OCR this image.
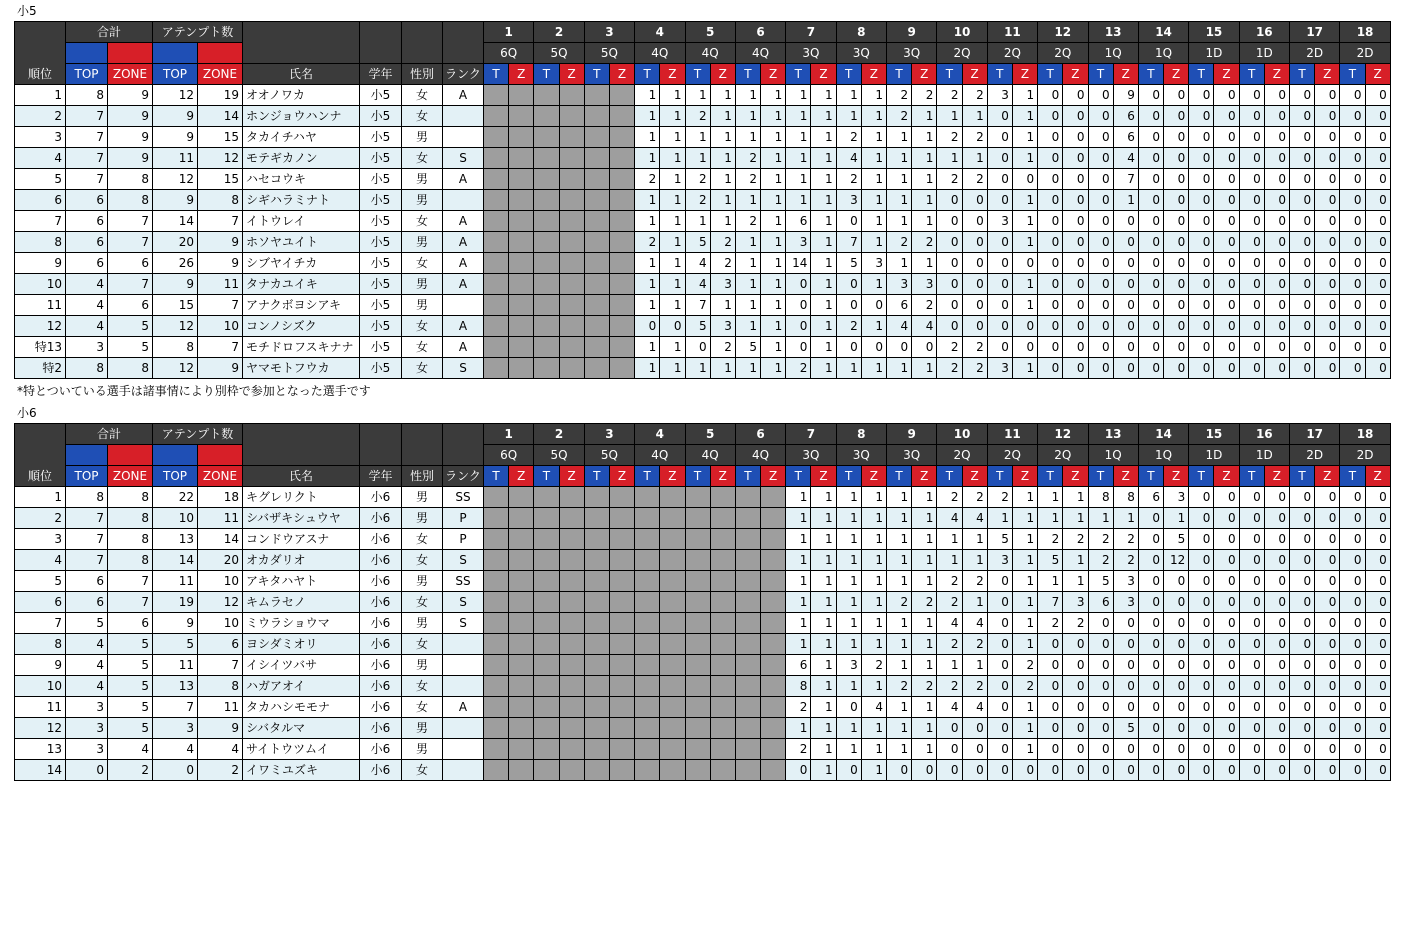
小5
順位	合計		アテンプト数						1		2		3		4		5		6		7		8		9		10		11		12		13		14		15		16		17		18	
									6Q		5Q		5Q		4Q		4Q		4Q		3Q		3Q		3Q		2Q		2Q		2Q		1Q		1Q		1D		1D		2D		2D	
	TOP	ZONE	TOP	ZONE	氏名	学年	性別	ランク	T	Z	T	Z	T	Z	T	Z	T	Z	T	Z	T	Z	T	Z	T	Z	T	Z	T	Z	T	Z	T	Z	T	Z	T	Z	T	Z	T	Z	T	Z
1	8	9	12	19	オオノワカ	小5	女	A							1	1	1	1	1	1	1	1	1	1	2	2	2	2	3	1	0	0	0	9	0	0	0	0	0	0	0	0	0	0
2	7	9	9	14	ホンジョウハンナ	小5	女								1	1	2	1	1	1	1	1	1	1	2	1	1	1	0	1	0	0	0	6	0	0	0	0	0	0	0	0	0	0
3	7	9	9	15	タカイチハヤ	小5	男								1	1	1	1	1	1	1	1	2	1	1	1	2	2	0	1	0	0	0	6	0	0	0	0	0	0	0	0	0	0
4	7	9	11	12	モテギカノン	小5	女	S							1	1	1	1	2	1	1	1	4	1	1	1	1	1	0	1	0	0	0	4	0	0	0	0	0	0	0	0	0	0
5	7	8	12	15	ハセコウキ	小5	男	A							2	1	2	1	2	1	1	1	2	1	1	1	2	2	0	0	0	0	0	7	0	0	0	0	0	0	0	0	0	0
6	6	8	9	8	シギハラミナト	小5	男								1	1	2	1	1	1	1	1	3	1	1	1	0	0	0	1	0	0	0	1	0	0	0	0	0	0	0	0	0	0
7	6	7	14	7	イトウレイ	小5	女	A							1	1	1	1	2	1	6	1	0	1	1	1	0	0	3	1	0	0	0	0	0	0	0	0	0	0	0	0	0	0
8	6	7	20	9	ホソヤユイト	小5	男	A							2	1	5	2	1	1	3	1	7	1	2	2	0	0	0	1	0	0	0	0	0	0	0	0	0	0	0	0	0	0
9	6	6	26	9	シブヤイチカ	小5	女	A							1	1	4	2	1	1	14	1	5	3	1	1	0	0	0	0	0	0	0	0	0	0	0	0	0	0	0	0	0	0
10	4	7	9	11	タナカユイキ	小5	男	A							1	1	4	3	1	1	0	1	0	1	3	3	0	0	0	1	0	0	0	0	0	0	0	0	0	0	0	0	0	0
11	4	6	15	7	アナクボヨシアキ	小5	男								1	1	7	1	1	1	0	1	0	0	6	2	0	0	0	1	0	0	0	0	0	0	0	0	0	0	0	0	0	0
12	4	5	12	10	コンノシズク	小5	女	A							0	0	5	3	1	1	0	1	2	1	4	4	0	0	0	0	0	0	0	0	0	0	0	0	0	0	0	0	0	0
特13	3	5	8	7	モチドロフスキナナ	小5	女	A							1	1	0	2	5	1	0	1	0	0	0	0	2	2	0	0	0	0	0	0	0	0	0	0	0	0	0	0	0	0
特2	8	8	12	9	ヤマモトフウカ	小5	女	S							1	1	1	1	1	1	2	1	1	1	1	1	2	2	3	1	0	0	0	0	0	0	0	0	0	0	0	0	0	0
*特とついている選手は諸事情により別枠で参加となった選手です
小6
順位	合計		アテンプト数						1		2		3		4		5		6		7		8		9		10		11		12		13		14		15		16		17		18	
									6Q		5Q		5Q		4Q		4Q		4Q		3Q		3Q		3Q		2Q		2Q		2Q		1Q		1Q		1D		1D		2D		2D	
	TOP	ZONE	TOP	ZONE	氏名	学年	性別	ランク	T	Z	T	Z	T	Z	T	Z	T	Z	T	Z	T	Z	T	Z	T	Z	T	Z	T	Z	T	Z	T	Z	T	Z	T	Z	T	Z	T	Z	T	Z
1	8	8	22	18	キグレリクト	小6	男	SS													1	1	1	1	1	1	2	2	2	1	1	1	8	8	6	3	0	0	0	0	0	0	0	0
2	7	8	10	11	シバザキシュウヤ	小6	男	P													1	1	1	1	1	1	4	4	1	1	1	1	1	1	0	1	0	0	0	0	0	0	0	0
3	7	8	13	14	コンドウアスナ	小6	女	P													1	1	1	1	1	1	1	1	5	1	2	2	2	2	0	5	0	0	0	0	0	0	0	0
4	7	8	14	20	オカダリオ	小6	女	S													1	1	1	1	1	1	1	1	3	1	5	1	2	2	0	12	0	0	0	0	0	0	0	0
5	6	7	11	10	アキタハヤト	小6	男	SS													1	1	1	1	1	1	2	2	0	1	1	1	5	3	0	0	0	0	0	0	0	0	0	0
6	6	7	19	12	キムラセノ	小6	女	S													1	1	1	1	2	2	2	1	0	1	7	3	6	3	0	0	0	0	0	0	0	0	0	0
7	5	6	9	10	ミウラショウマ	小6	男	S													1	1	1	1	1	1	4	4	0	1	2	2	0	0	0	0	0	0	0	0	0	0	0	0
8	4	5	5	6	ヨシダミオリ	小6	女														1	1	1	1	1	1	2	2	0	1	0	0	0	0	0	0	0	0	0	0	0	0	0	0
9	4	5	11	7	イシイツバサ	小6	男														6	1	3	2	1	1	1	1	0	2	0	0	0	0	0	0	0	0	0	0	0	0	0	0
10	4	5	13	8	ハガアオイ	小6	女														8	1	1	1	2	2	2	2	0	2	0	0	0	0	0	0	0	0	0	0	0	0	0	0
11	3	5	7	11	タカハシモモナ	小6	女	A													2	1	0	4	1	1	4	4	0	1	0	0	0	0	0	0	0	0	0	0	0	0	0	0
12	3	5	3	9	シバタルマ	小6	男														1	1	1	1	1	1	0	0	0	1	0	0	0	5	0	0	0	0	0	0	0	0	0	0
13	3	4	4	4	サイトウツムイ	小6	男														2	1	1	1	1	1	0	0	0	1	0	0	0	0	0	0	0	0	0	0	0	0	0	0
14	0	2	0	2	イワミユズキ	小6	女														0	1	0	1	0	0	0	0	0	0	0	0	0	0	0	0	0	0	0	0	0	0	0	0
